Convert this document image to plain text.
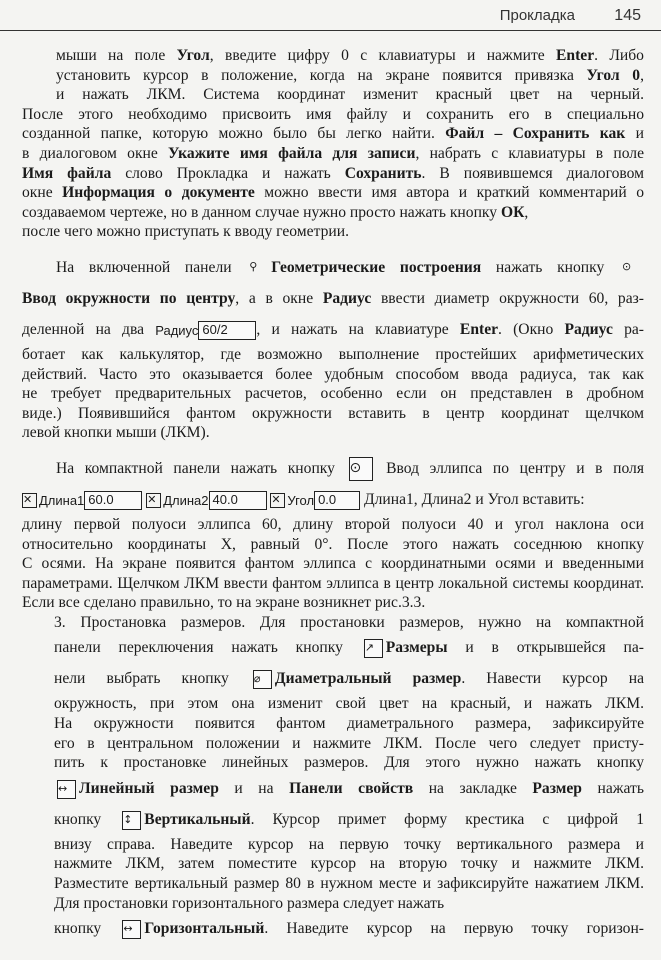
Прокладка 145
мыши на поле Угол, введите цифру 0 с клавиатуры и нажмите Enter. Либо
установить курсор в положение, когда на экране появится привязка Угол 0,
и нажать ЛКМ. Система координат изменит красный цвет на черный.
После этого необходимо присвоить имя файлу и сохранить его в специально
созданной папке, которую можно было бы легко найти. Файл – Сохранить как и
в диалоговом окне Укажите имя файла для записи, набрать с клавиатуры в поле
Имя файла слово Прокладка и нажать Сохранить. В появившемся диалоговом
окне Информация о документе можно ввести имя автора и краткий комментарий о создаваемом чертеже, но в данном случае нужно просто нажать кнопку ОК,
после чего можно приступать к вводу геометрии.
На включенной панели ⚲ Геометрические построения нажать кнопку ⊙
Ввод окружности по центру, а в окне Радиус ввести диаметр окружности 60, раз-
деленной на два Радиус 60/2 , и нажать на клавиатуре Enter. (Окно Радиус ра-
ботает как калькулятор, где возможно выполнение простейших арифметических
действий. Часто это оказывается более удобным способом ввода радиуса, так как
не требует предварительных расчетов, особенно если он представлен в дробном
виде.) Появившийся фантом окружности вставить в центр координат щелчком
левой кнопки мыши (ЛКМ).
На компактной панели нажать кнопку ⊙ Ввод эллипса по центру и в поля
✕ Длина1 60.0	✕ Длина2 40.0	✕ Угол 0.0 Длина1, Длина2 и Угол вставить:
длину первой полуоси эллипса 60, длину второй полуоси 40 и угол наклона оси
относительно координаты X, равный 0°. После этого нажать соседнюю кнопку
С осями. На экране появится фантом эллипса с координатными осями и введенными параметрами. Щелчком ЛКМ ввести фантом эллипса в центр локальной системы координат. Если все сделано правильно, то на экране возникнет рис.3.3.
3. Простановка размеров. Для простановки размеров, нужно на компактной
панели переключения нажать кнопку ↗ Размеры и в открывшейся па-
нели выбрать кнопку ⌀ Диаметральный размер. Навести курсор на
окружность, при этом она изменит свой цвет на красный, и нажать ЛКМ.
На окружности появится фантом диаметрального размера, зафиксируйте
его в центральном положении и нажмите ЛКМ. После чего следует присту-
пить к простановке линейных размеров. Для этого нужно нажать кнопку
↔ Линейный размер и на Панели свойств на закладке Размер нажать
кнопку ↕ Вертикальный. Курсор примет форму крестика с цифрой 1
внизу справа. Наведите курсор на первую точку вертикального размера и
нажмите ЛКМ, затем поместите курсор на вторую точку и нажмите ЛКМ.
Разместите вертикальный размер 80 в нужном месте и зафиксируйте нажатием ЛКМ. Для простановки горизонтального размера следует нажать
кнопку ↔ Горизонтальный. Наведите курсор на первую точку горизон-
